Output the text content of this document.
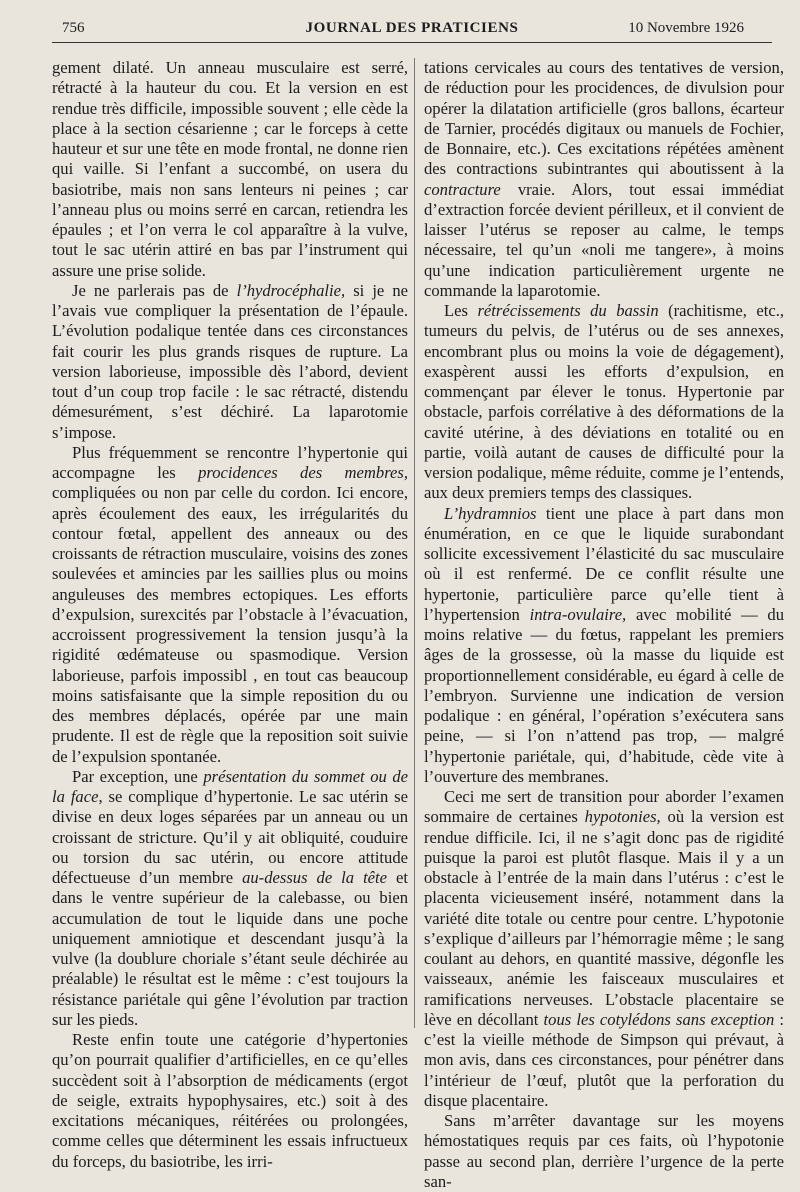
756	JOURNAL DES PRATICIENS	10 Novembre 1926

gement dilaté. Un anneau musculaire est serré, rétracté à la hauteur du cou. Et la version en est rendue très difficile, impossible souvent ; elle cède la place à la section césarienne ; car le forceps à cette hauteur et sur une tête en mode frontal, ne donne rien qui vaille. Si l’enfant a succombé, on usera du basiotribe, mais non sans lenteurs ni peines ; car l’anneau plus ou moins serré en carcan, retiendra les épaules ; et l’on verra le col apparaître à la vulve, tout le sac utérin attiré en bas par l’instrument qui assure une prise solide.

Je ne parlerais pas de l’hydrocéphalie, si je ne l’avais vue compliquer la présentation de l’épaule. L’évolution podalique tentée dans ces circonstances fait courir les plus grands risques de rupture. La version laborieuse, impossible dès l’abord, devient tout d’un coup trop facile : le sac rétracté, distendu démesurément, s’est déchiré. La laparotomie s’impose.

Plus fréquemment se rencontre l’hypertonie qui accompagne les procidences des membres, compliquées ou non par celle du cordon. Ici encore, après écoulement des eaux, les irrégularités du contour fœtal, appellent des anneaux ou des croissants de rétraction musculaire, voisins des zones soulevées et amincies par les saillies plus ou moins anguleuses des membres ectopiques. Les efforts d’expulsion, surexcités par l’obstacle à l’évacuation, accroissent progressivement la tension jusqu’à la rigidité œdémateuse ou spasmodique. Version laborieuse, parfois impossibl , en tout cas beaucoup moins satisfaisante que la simple reposition du ou des membres déplacés, opérée par une main prudente. Il est de règle que la reposition soit suivie de l’expulsion spontanée.

Par exception, une présentation du sommet ou de la face, se complique d’hypertonie. Le sac utérin se divise en deux loges séparées par un anneau ou un croissant de stricture. Qu’il y ait obliquité, couduire ou torsion du sac utérin, ou encore attitude défectueuse d’un membre au-dessus de la tête et dans le ventre supérieur de la calebasse, ou bien accumulation de tout le liquide dans une poche uniquement amniotique et descendant jusqu’à la vulve (la doublure choriale s’étant seule déchirée au préalable) le résultat est le même : c’est toujours la résistance pariétale qui gêne l’évolution par traction sur les pieds.

Reste enfin toute une catégorie d’hypertonies qu’on pourrait qualifier d’artificielles, en ce qu’elles succèdent soit à l’absorption de médicaments (ergot de seigle, extraits hypophysaires, etc.) soit à des excitations mécaniques, réitérées ou prolongées, comme celles que déterminent les essais infructueux du forceps, du basiotribe, les irri-

tations cervicales au cours des tentatives de version, de réduction pour les procidences, de divulsion pour opérer la dilatation artificielle (gros ballons, écarteur de Tarnier, procédés digitaux ou manuels de Fochier, de Bonnaire, etc.). Ces excitations répétées amènent des contractions subintrantes qui aboutissent à la contracture vraie. Alors, tout essai immédiat d’extraction forcée devient périlleux, et il convient de laisser l’utérus se reposer au calme, le temps nécessaire, tel qu’un «noli me tangere», à moins qu’une indication particulièrement urgente ne commande la laparotomie.

Les rétrécissements du bassin (rachitisme, etc., tumeurs du pelvis, de l’utérus ou de ses annexes, encombrant plus ou moins la voie de dégagement), exaspèrent aussi les efforts d’expulsion, en commençant par élever le tonus. Hypertonie par obstacle, parfois corrélative à des déformations de la cavité utérine, à des déviations en totalité ou en partie, voilà autant de causes de difficulté pour la version podalique, même réduite, comme je l’entends, aux deux premiers temps des classiques.

L’hydramnios tient une place à part dans mon énumération, en ce que le liquide surabondant sollicite excessivement l’élasticité du sac musculaire où il est renfermé. De ce conflit résulte une hypertonie, particulière parce qu’elle tient à l’hypertension intra-ovulaire, avec mobilité — du moins relative — du fœtus, rappelant les premiers âges de la grossesse, où la masse du liquide est proportionnellement considérable, eu égard à celle de l’embryon. Survienne une indication de version podalique : en général, l’opération s’exécutera sans peine, — si l’on n’attend pas trop, — malgré l’hypertonie pariétale, qui, d’habitude, cède vite à l’ouverture des membranes.

Ceci me sert de transition pour aborder l’examen sommaire de certaines hypotonies, où la version est rendue difficile. Ici, il ne s’agit donc pas de rigidité puisque la paroi est plutôt flasque. Mais il y a un obstacle à l’entrée de la main dans l’utérus : c’est le placenta vicieusement inséré, notamment dans la variété dite totale ou centre pour centre. L’hypotonie s’explique d’ailleurs par l’hémorragie même ; le sang coulant au dehors, en quantité massive, dégonfle les vaisseaux, anémie les faisceaux musculaires et ramifications nerveuses. L’obstacle placentaire se lève en décollant tous les cotylédons sans exception : c’est la vieille méthode de Simpson qui prévaut, à mon avis, dans ces circonstances, pour pénétrer dans l’intérieur de l’œuf, plutôt que la perforation du disque placentaire.

Sans m’arrêter davantage sur les moyens hémostatiques requis par ces faits, où l’hypotonie passe au second plan, derrière l’urgence de la perte san-
